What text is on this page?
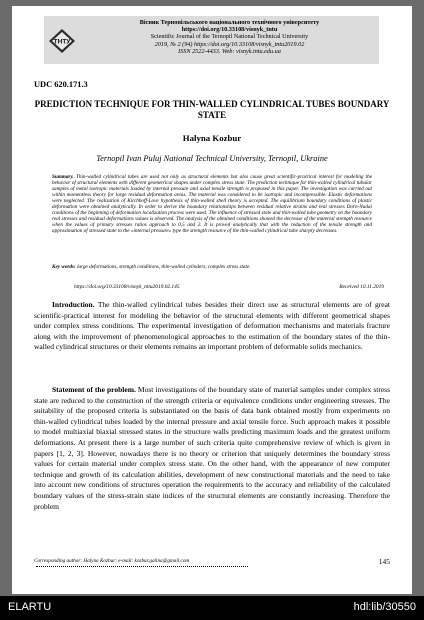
ТНТУ
Вісник Тернопільського національного технічного університету
https://doi.org/10.33108/visnyk_tntu
Scientific Journal of the Ternopil National Technical University
2019, № 2 (94) https://doi.org/10.33108/visnyk_tntu2019.02
ISSN 2522-4433. Web: visnyk.tntu.edu.ua
UDC 620.171.3
PREDICTION TECHNIQUE FOR THIN-WALLED CYLINDRICAL TUBES BOUNDARY STATE
Halyna Kozbur
Ternopil Ivan Puluj National Technical University, Ternopil, Ukraine
Summary. Thin-walled cylindrical tubes are used not only as structural elements but also cause great scientific-practical interest for modeling the behavior of structural elements with different geometrical shapes under complex stress state. The prediction technique for thin-walled cylindrical tubular samples of metal isotropic materials loaded by internal pressure and axial tensile strength is proposed in this paper. The investigation was carried out within momentless theory for large residual deformation areas. The material was considered to be isotropic and incompressible. Elastic deformations were neglected. The realization of Kirchhoff-Love hypothesis of thin-walled shell theory is accepted. The equilibrium boundary conditions of plastic deformation were obtained analytically. In order to derive the boundary relationships between residual relative strains and real stresses Dorn-Nadai conditions of the beginning of deformation localization process were used. The influence of stressed state and thin-walled tube geometry on the boundary real stresses and residual deformations values is observed. The analysis of the obtained conditions showed the decrease of the material strength resource when the values of primary stresses ratios approach to 0,5 and 2. It is proved analytically that with the reduction of the tensile strength and approximation of stressed state to the «internal pressure» type the strength resource of the thin-walled cylindrical tube sharply decreases.
Key words: large deformations, strength conditions, thin-walled cylinders, complex stress state.
https://doi.org/10.33108/visnyk_tntu2019.02.145	Received 10.11.2019
Introduction. The thin-walled cylindrical tubes besides their direct use as structural elements are of great scientific-practical interest for modeling the behavior of the structural elements with different geometrical shapes under complex stress conditions. The experimental investigation of deformation mechanisms and materials fracture along with the improvement of phenomenological approaches to the estimation of the boundary states of the thin-walled cylindrical structures or their elements remains an important problem of deformable solids mechanics.
Statement of the problem. Most investigations of the boundary state of material samples under complex stress state are reduced to the construction of the strength criteria or equivalence conditions under engineering stresses. The suitability of the proposed criteria is substantiated on the basis of data bank obtained mostly from experiments on thin-walled cylindrical tubes loaded by the internal pressure and axial tensile force. Such approach makes it possible to model multiaxial biaxial stressed states in the structure walls predicting maximum loads and the greatest uniform deformations. At present there is a large number of such criteria quite comprehensive review of which is given in papers [1, 2, 3]. However, nowadays there is no theory or criterion that uniquely determines the boundary stress values for certain material under complex stress state. On the other hand, with the appearance of new computer technique and growth of its calculation abilities, development of new constructional materials and the need to take into account new conditions of structures operation the requirements to the accuracy and reliability of the calculated boundary values of the stress-strain state indices of the structural elements are constantly increasing. Therefore the problem
Corresponding author: Halyna Kozbur; e-mail: kozbur.galina@gmail.com	145
ELARTU	hdl:lib/30550
